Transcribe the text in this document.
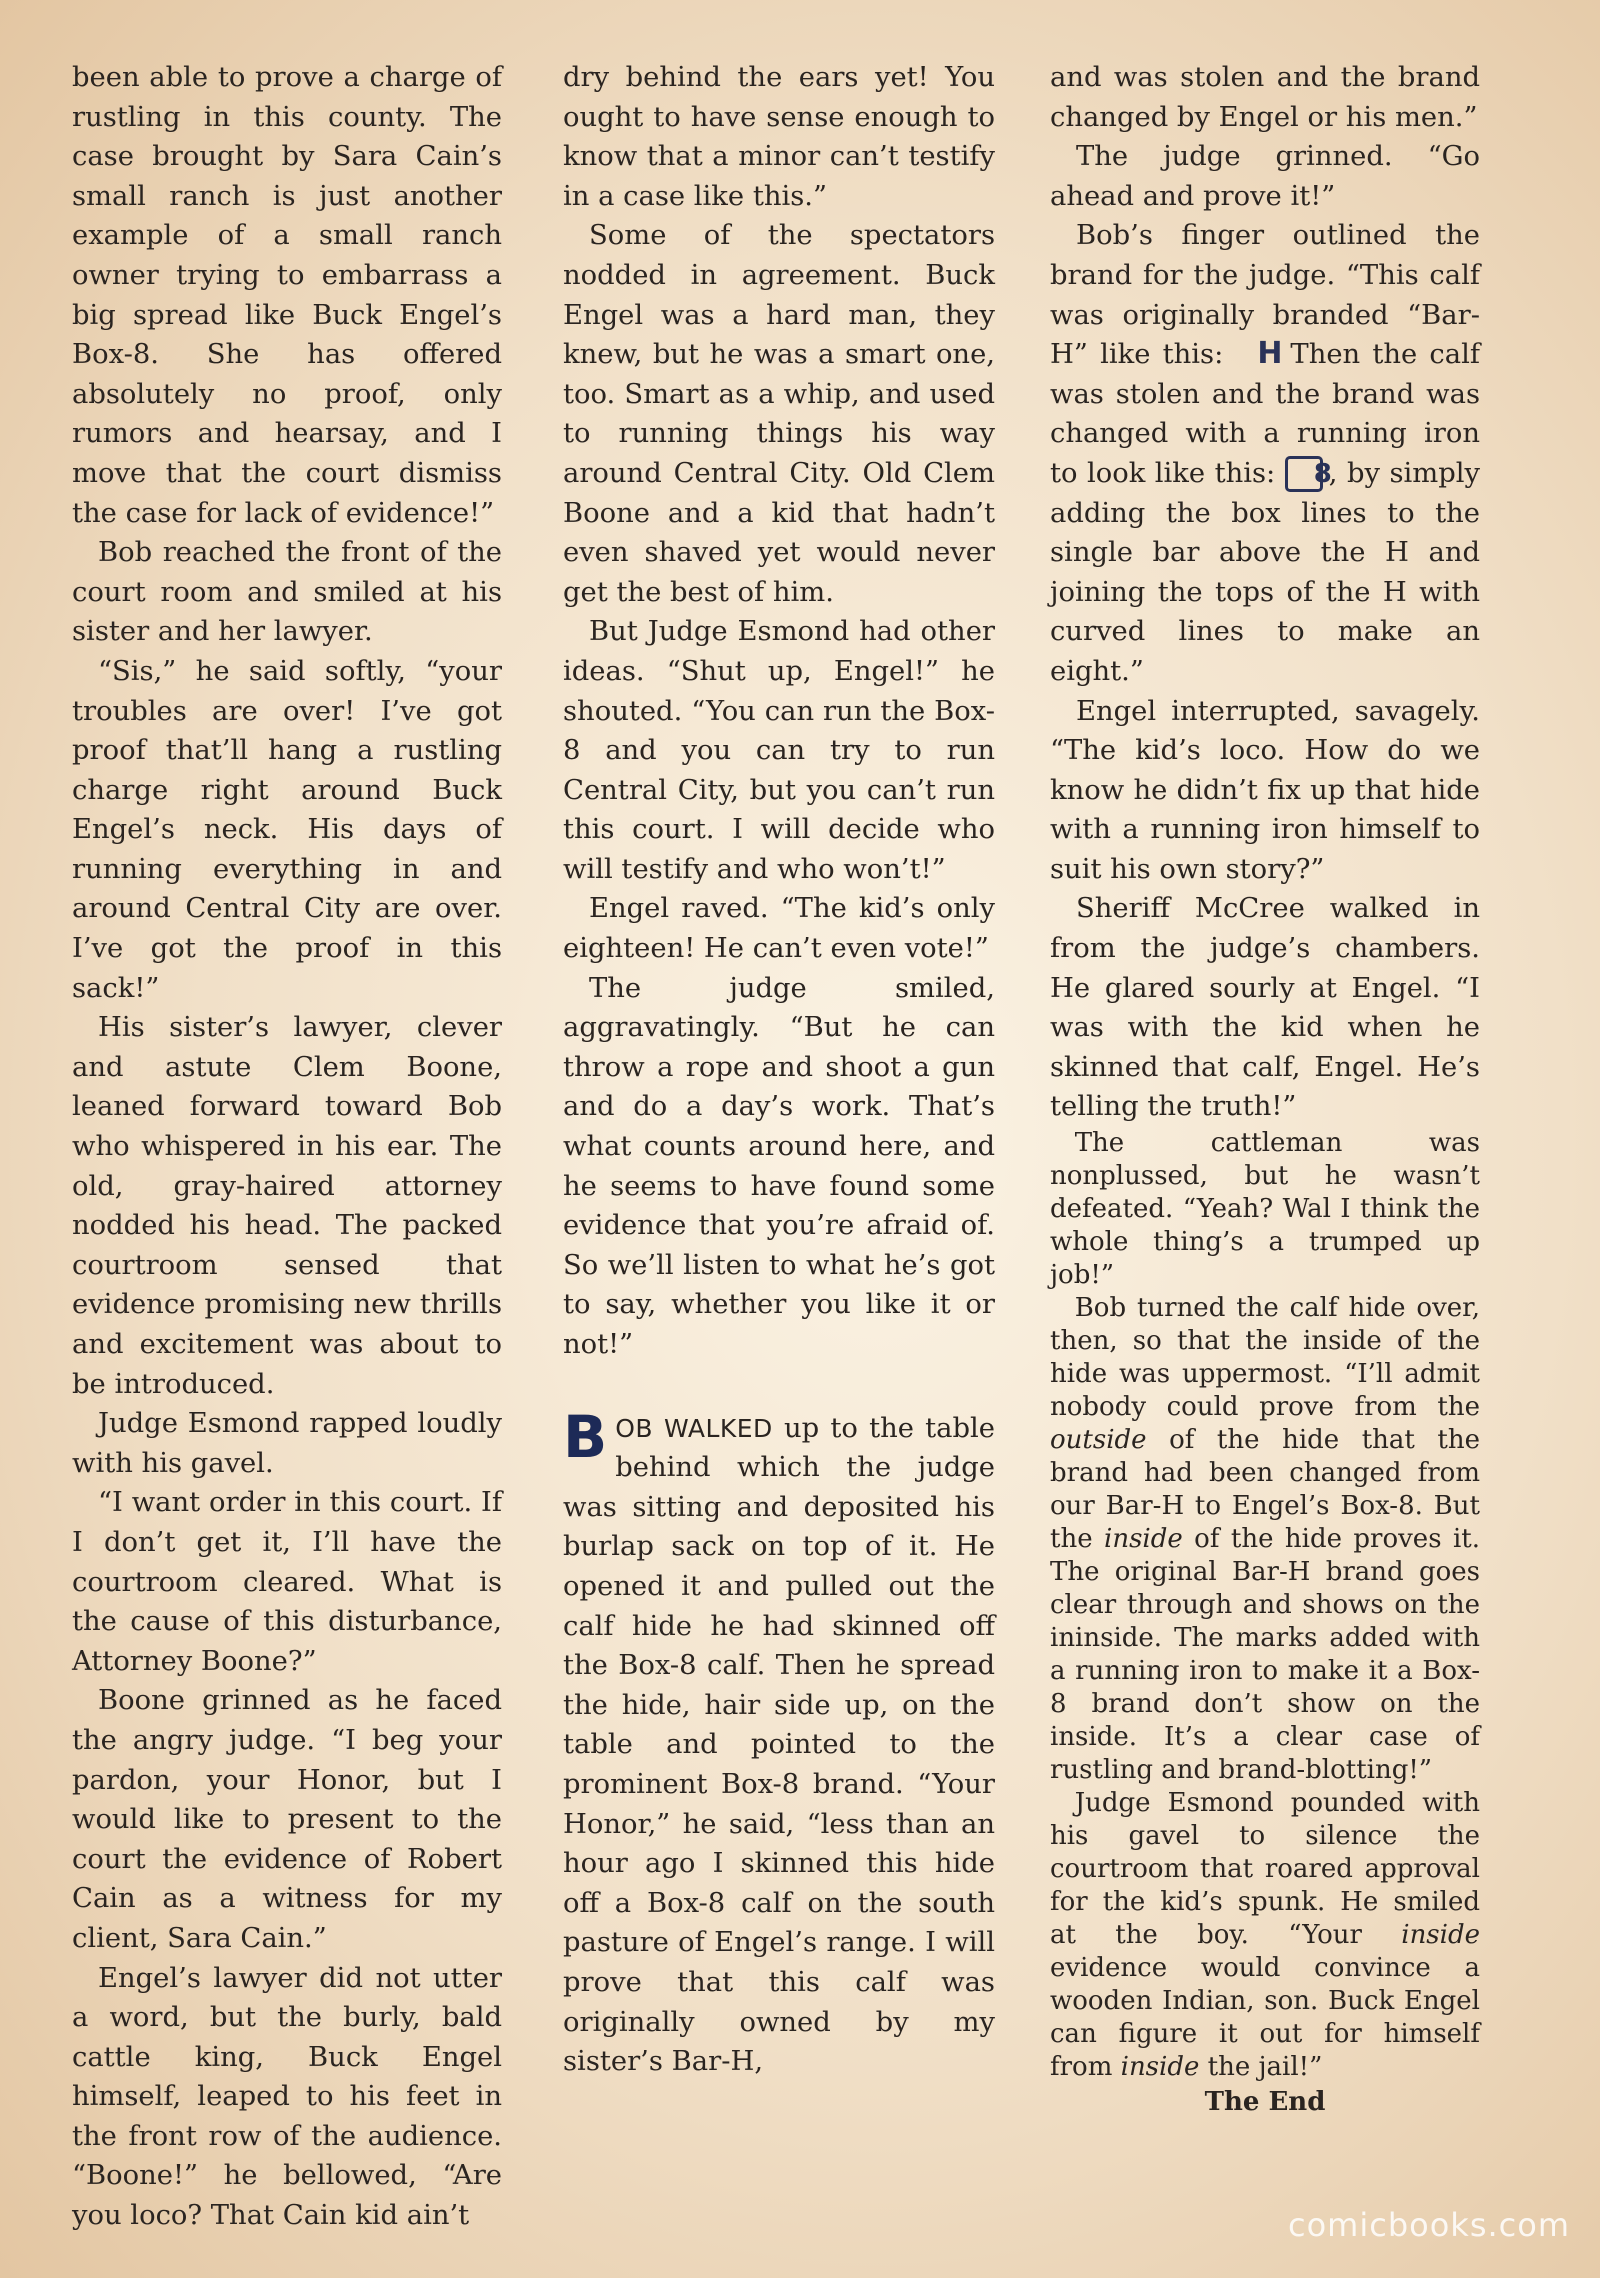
been able to prove a charge of rustling in this county. The case brought by Sara Cain’s small ranch is just another example of a small ranch owner trying to embarrass a big spread like Buck Engel’s Box-8. She has offered absolutely no proof, only rumors and hearsay, and I move that the court dismiss the case for lack of evidence!”

Bob reached the front of the court room and smiled at his sister and her lawyer.

“Sis,” he said softly, “your troubles are over! I’ve got proof that’ll hang a rustling charge right around Buck Engel’s neck. His days of running everything in and around Central City are over. I’ve got the proof in this sack!”

His sister’s lawyer, clever and astute Clem Boone, leaned forward toward Bob who whispered in his ear. The old, gray-haired attorney nodded his head. The packed courtroom sensed that evidence promising new thrills and excitement was about to be introduced.

Judge Esmond rapped loudly with his gavel.

“I want order in this court. If I don’t get it, I’ll have the courtroom cleared. What is the cause of this disturbance, Attorney Boone?”

Boone grinned as he faced the angry judge. “I beg your pardon, your Honor, but I would like to present to the court the evidence of Robert Cain as a witness for my client, Sara Cain.”

Engel’s lawyer did not utter a word, but the burly, bald cattle king, Buck Engel himself, leaped to his feet in the front row of the audience. “Boone!” he bellowed, “Are you loco? That Cain kid ain’t

dry behind the ears yet! You ought to have sense enough to know that a minor can’t testify in a case like this.”

Some of the spectators nodded in agreement. Buck Engel was a hard man, they knew, but he was a smart one, too. Smart as a whip, and used to running things his way around Central City. Old Clem Boone and a kid that hadn’t even shaved yet would never get the best of him.

But Judge Esmond had other ideas. “Shut up, Engel!” he shouted. “You can run the Box-8 and you can try to run Central City, but you can’t run this court. I will decide who will testify and who won’t!”

Engel raved. “The kid’s only eighteen! He can’t even vote!”

The judge smiled, aggravatingly. “But he can throw a rope and shoot a gun and do a day’s work. That’s what counts around here, and he seems to have found some evidence that you’re afraid of. So we’ll listen to what he’s got to say, whether you like it or not!”

BOB WALKED up to the table behind which the judge was sitting and deposited his burlap sack on top of it. He opened it and pulled out the calf hide he had skinned off the Box-8 calf. Then he spread the hide, hair side up, on the table and pointed to the prominent Box-8 brand. “Your Honor,” he said, “less than an hour ago I skinned this hide off a Box-8 calf on the south pasture of Engel’s range. I will prove that this calf was originally owned by my sister’s Bar-H,

and was stolen and the brand changed by Engel or his men.”

The judge grinned. “Go ahead and prove it!”

Bob’s finger outlined the brand for the judge. “This calf was originally branded “Bar-H” like this: H Then the calf was stolen and the brand was changed with a running iron to look like this: 8, by simply adding the box lines to the single bar above the H and joining the tops of the H with curved lines to make an eight.”

Engel interrupted, savagely. “The kid’s loco. How do we know he didn’t fix up that hide with a running iron himself to suit his own story?”

Sheriff McCree walked in from the judge’s chambers. He glared sourly at Engel. “I was with the kid when he skinned that calf, Engel. He’s telling the truth!”

The cattleman was nonplussed, but he wasn’t defeated. “Yeah? Wal I think the whole thing’s a trumped up job!”

Bob turned the calf hide over, then, so that the inside of the hide was uppermost. “I’ll admit nobody could prove from the outside of the hide that the brand had been changed from our Bar-H to Engel’s Box-8. But the inside of the hide proves it. The original Bar-H brand goes clear through and shows on the ininside. The marks added with a running iron to make it a Box-8 brand don’t show on the inside. It’s a clear case of rustling and brand-blotting!”

Judge Esmond pounded with his gavel to silence the courtroom that roared approval for the kid’s spunk. He smiled at the boy. “Your inside evidence would convince a wooden Indian, son. Buck Engel can figure it out for himself from inside the jail!”

The End

comicbooks.com
